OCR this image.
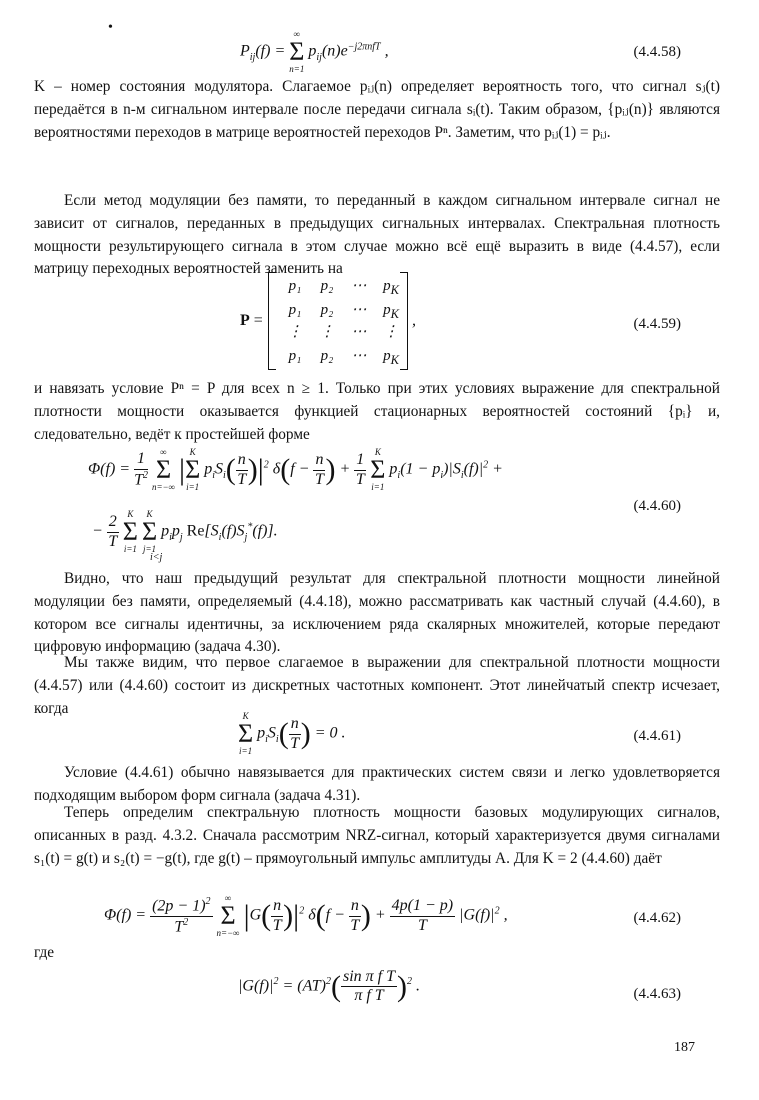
•
$P_{ij}(f)$ =
∞
Σ
n=1
$p_{ij}(n)e^{-j2\pi nfT}$ ,	(4.4.58)
K – номер состояния модулятора. Слагаемое pᵢⱼ(n) определяет вероятность того, что сигнал sⱼ(t) передаётся в n-м сигнальном интервале после передачи сигнала sᵢ(t). Таким образом, {pᵢⱼ(n)} являются вероятностями переходов в матрице вероятностей переходов Pⁿ. Заметим, что pᵢⱼ(1) = pᵢⱼ.
Если метод модуляции без памяти, то переданный в каждом сигнальном интервале сигнал не зависит от сигналов, переданных в предыдущих сигнальных интервалах. Спектральная плотность мощности результирующего сигнала в этом случае можно всё ещё выразить в виде (4.4.57), если матрицу переходных вероятностей заменить на
P =
p₁ p₂ ⋯ $p_K$
p₁ p₂ ⋯ $p_K$
⋮ ⋮ ⋯ ⋮
p₁ p₂ ⋯ $p_K$
,	(4.4.59)
и навязать условие Pⁿ = P для всех n ≥ 1. Только при этих условиях выражение для спектральной плотности мощности оказывается функцией стационарных вероятностей состояний {pᵢ} и, следовательно, ведёт к простейшей форме
$\Phi(f) = \frac{1}{T^2}$
	∞
Σ
n=−∞
|
K
Σ
i=1
$p_iS_i( \frac{n}{T} )|^2$ $\delta(f - \frac{n}{T}$ ) + $\frac{1}{T}$
K
Σ
i=1
$p_i(1 - p_i)|S_i(f)|^2$ +
− $\frac{2}{T}$
K
Σ
i=1

K
Σ
j=1
$p_ip_j$ $Re[S_i(f)S_j^*(f)]$.
i<j
(4.4.60)
Видно, что наш предыдущий результат для спектральной плотности мощности линейной модуляции без памяти, определяемый (4.4.18), можно рассматривать как частный случай (4.4.60), в котором все сигналы идентичны, за исключением ряда скалярных множителей, которые передают цифровую информацию (задача 4.30).
Мы также видим, что первое слагаемое в выражении для спектральной плотности мощности (4.4.57) или (4.4.60) состоит из дискретных частотных компонент. Этот линейчатый спектр исчезает, когда	K
Σ
i=1
$p_iS_i( \frac{n}{T}$ ) = 0 .	(4.4.61)
Условие (4.4.61) обычно навязывается для практических систем связи и легко удовлетворяется подходящим выбором форм сигнала (задача 4.31).
Теперь определим спектральную плотность мощности базовых модулирующих сигналов, описанных в разд. 4.3.2. Сначала рассмотрим NRZ-сигнал, который характеризуется двумя сигналами s₁(t) = g(t) и s₂(t) = −g(t), где g(t) – прямоугольный импульс амплитуды A. Для K = 2 (4.4.60) даёт
$\Phi(f) = \frac{(2p - 1)^2}{T^2}$
	∞
Σ
n=−∞
$|G( \frac{n}{T} )|^2$ $\delta(f - \frac{n}{T}$ ) + $\frac{4p(1 - p)}{T} |G(f)|^2$ ,	(4.4.62)
где
$|G(f)|^2 = (AT)^2( \frac{\text{sin π f T}}{\text{π f T}} )^2$ .	(4.4.63)
187
